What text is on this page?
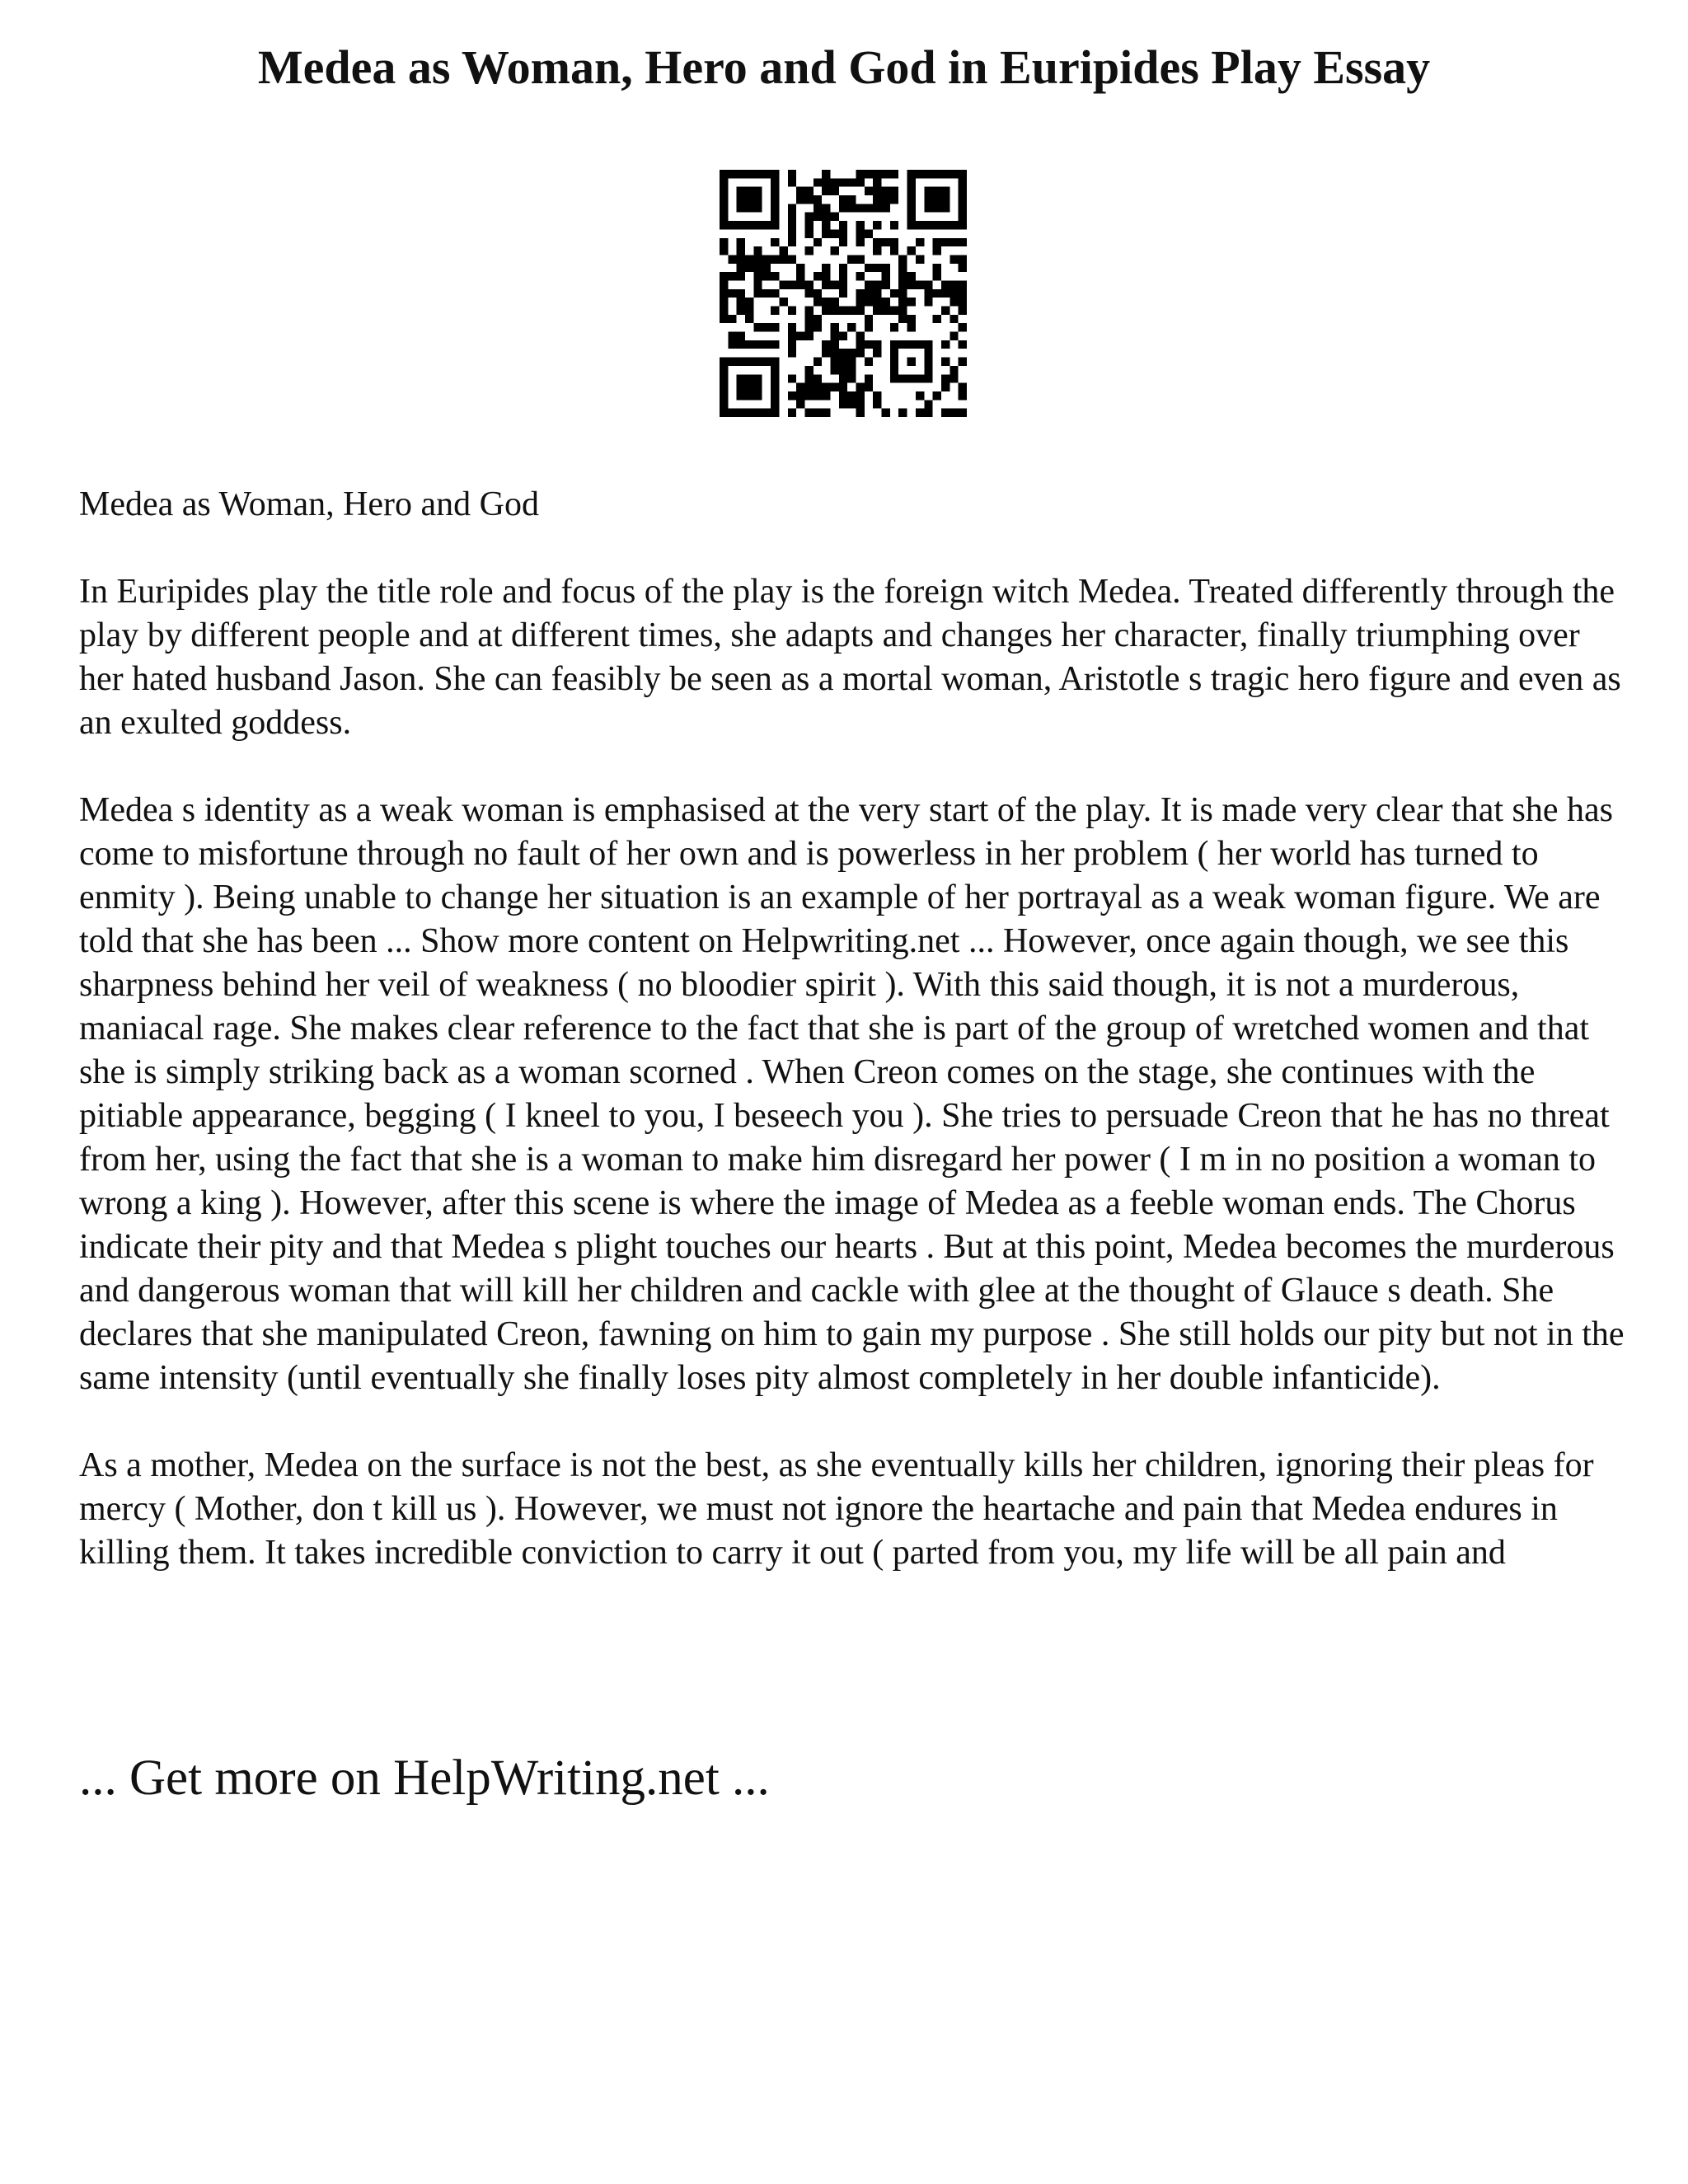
Medea as Woman, Hero and God in Euripides Play Essay

Medea as Woman, Hero and God

In Euripides play the title role and focus of the play is the foreign witch Medea. Treated differently through the play by different people and at different times, she adapts and changes her character, finally triumphing over her hated husband Jason. She can feasibly be seen as a mortal woman, Aristotle s tragic hero figure and even as an exulted goddess.

Medea s identity as a weak woman is emphasised at the very start of the play. It is made very clear that she has come to misfortune through no fault of her own and is powerless in her problem ( her world has turned to enmity ). Being unable to change her situation is an example of her portrayal as a weak woman figure. We are told that she has been ... Show more content on Helpwriting.net ... However, once again though, we see this sharpness behind her veil of weakness ( no bloodier spirit ). With this said though, it is not a murderous, maniacal rage. She makes clear reference to the fact that she is part of the group of wretched women and that she is simply striking back as a woman scorned . When Creon comes on the stage, she continues with the pitiable appearance, begging ( I kneel to you, I beseech you ). She tries to persuade Creon that he has no threat from her, using the fact that she is a woman to make him disregard her power ( I m in no position a woman to wrong a king ). However, after this scene is where the image of Medea as a feeble woman ends. The Chorus indicate their pity and that Medea s plight touches our hearts . But at this point, Medea becomes the murderous and dangerous woman that will kill her children and cackle with glee at the thought of Glauce s death. She declares that she manipulated Creon, fawning on him to gain my purpose . She still holds our pity but not in the same intensity (until eventually she finally loses pity almost completely in her double infanticide).

As a mother, Medea on the surface is not the best, as she eventually kills her children, ignoring their pleas for mercy ( Mother, don t kill us ). However, we must not ignore the heartache and pain that Medea endures in killing them. It takes incredible conviction to carry it out ( parted from you, my life will be all pain and

... Get more on HelpWriting.net ...
